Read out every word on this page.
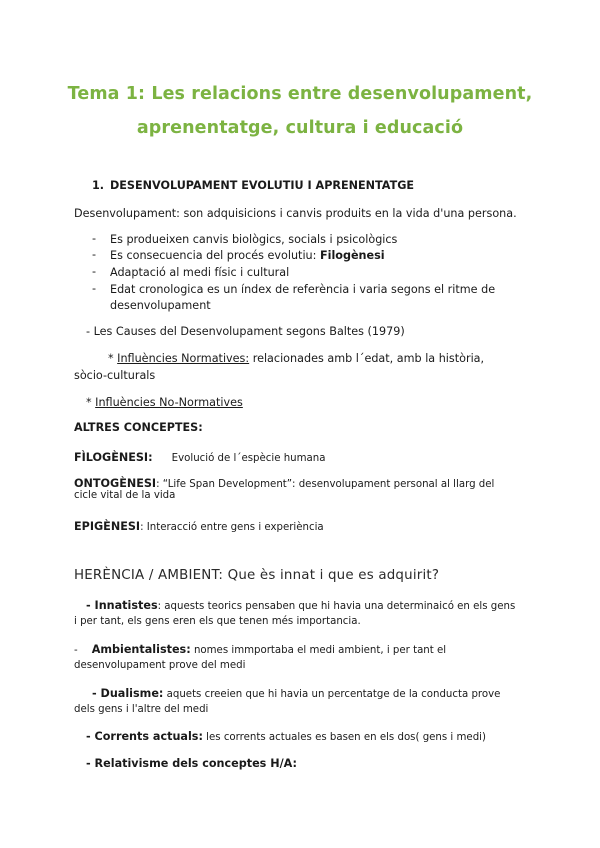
Tema 1: Les relacions entre desenvolupament,
aprenentatge, cultura i educació
1. DESENVOLUPAMENT EVOLUTIU I APRENENTATGE
Desenvolupament: son adquisicions i canvis produits en la vida d'una persona.
- Es produeixen canvis biològics, socials i psicològics
- Es consecuencia del procés evolutiu: Filogènesi
- Adaptació al medi físic i cultural
- Edat cronologica es un índex de referència i varia segons el ritme de
desenvolupament
- Les Causes del Desenvolupament segons Baltes (1979)
* Influències Normatives: relacionades amb l´edat, amb la història,
sòcio-culturals
* Influències No-Normatives
ALTRES CONCEPTES:
FÌLOGÈNESI: Evolució de l´espècie humana
ONTOGÈNESI: “Life Span Development”: desenvolupament personal al llarg del
cicle vital de la vida
EPIGÈNESI: Interacció entre gens i experiència
HERÈNCIA / AMBIENT: Que ès innat i que es adquirit?
- Innatistes: aquests teorics pensaben que hi havia una determinaicó en els gens
i per tant, els gens eren els que tenen més importancia.
- Ambientalistes: nomes immportaba el medi ambient, i per tant el
desenvolupament prove del medi
- Dualisme: aquets creeien que hi havia un percentatge de la conducta prove
dels gens i l'altre del medi
- Corrents actuals: les corrents actuales es basen en els dos( gens i medi)
- Relativisme dels conceptes H/A:
